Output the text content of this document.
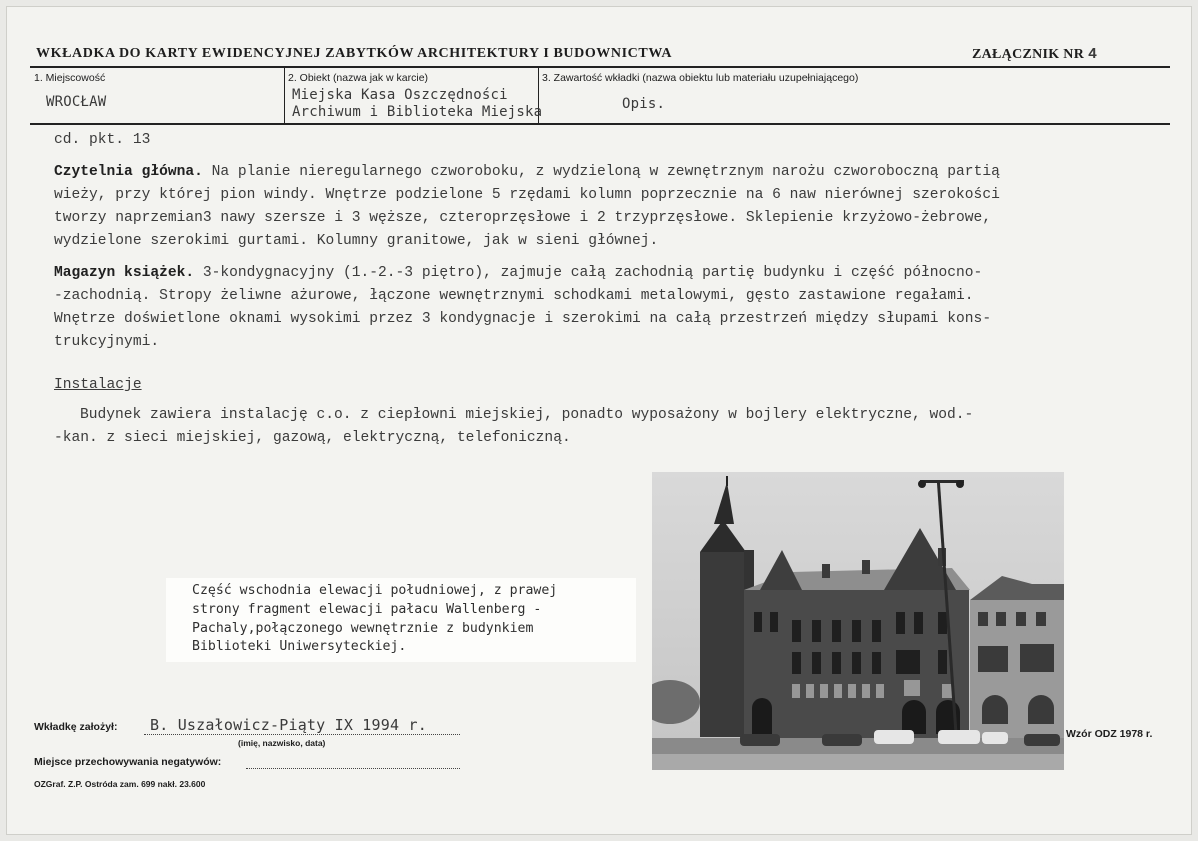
WKŁADKA DO KARTY EWIDENCYJNEJ ZABYTKÓW ARCHITEKTURY I BUDOWNICTWA	ZAŁĄCZNIK NR 4
1. Miejscowość
WROCŁAW
2. Obiekt (nazwa jak w karcie)
Miejska Kasa Oszczędności
Archiwum i Biblioteka Miejska
3. Zawartość wkładki (nazwa obiektu lub materiału uzupełniającego)
Opis.
cd. pkt. 13
Czytelnia główna. Na planie nieregularnego czworoboku, z wydzieloną w zewnętrznym narożu czworoboczną partią
wieży, przy której pion windy. Wnętrze podzielone 5 rzędami kolumn poprzecznie na 6 naw nierównej szerokości
tworzy naprzemian3 nawy szersze i 3 węższe, czteroprzęsłowe i 2 trzyprzęsłowe. Sklepienie krzyżowo-żebrowe,
wydzielone szerokimi gurtami. Kolumny granitowe, jak w sieni głównej.
Magazyn książek. 3-kondygnacyjny (1.-2.-3 piętro), zajmuje całą zachodnią partię budynku i część północno-
-zachodnią. Stropy żeliwne ażurowe, łączone wewnętrznymi schodkami metalowymi, gęsto zastawione regałami.
Wnętrze doświetlone oknami wysokimi przez 3 kondygnacje i szerokimi na całą przestrzeń między słupami kons-
trukcyjnymi.
Instalacje
Budynek zawiera instalację c.o. z ciepłowni miejskiej, ponadto wyposażony w bojlery elektryczne, wod.-
-kan. z sieci miejskiej, gazową, elektryczną, telefoniczną.
Część wschodnia elewacji południowej, z prawej
strony fragment elewacji pałacu Wallenberg -
Pachaly,połączonego wewnętrznie z budynkiem
Biblioteki Uniwersyteckiej.
Wkładkę założył: B. Uszałowicz-Piąty IX 1994 r.
(imię, nazwisko, data)
Miejsce przechowywania negatywów:
OZGraf. Z.P. Ostróda zam. 699 nakł. 23.600
Wzór ODZ 1978 r.
